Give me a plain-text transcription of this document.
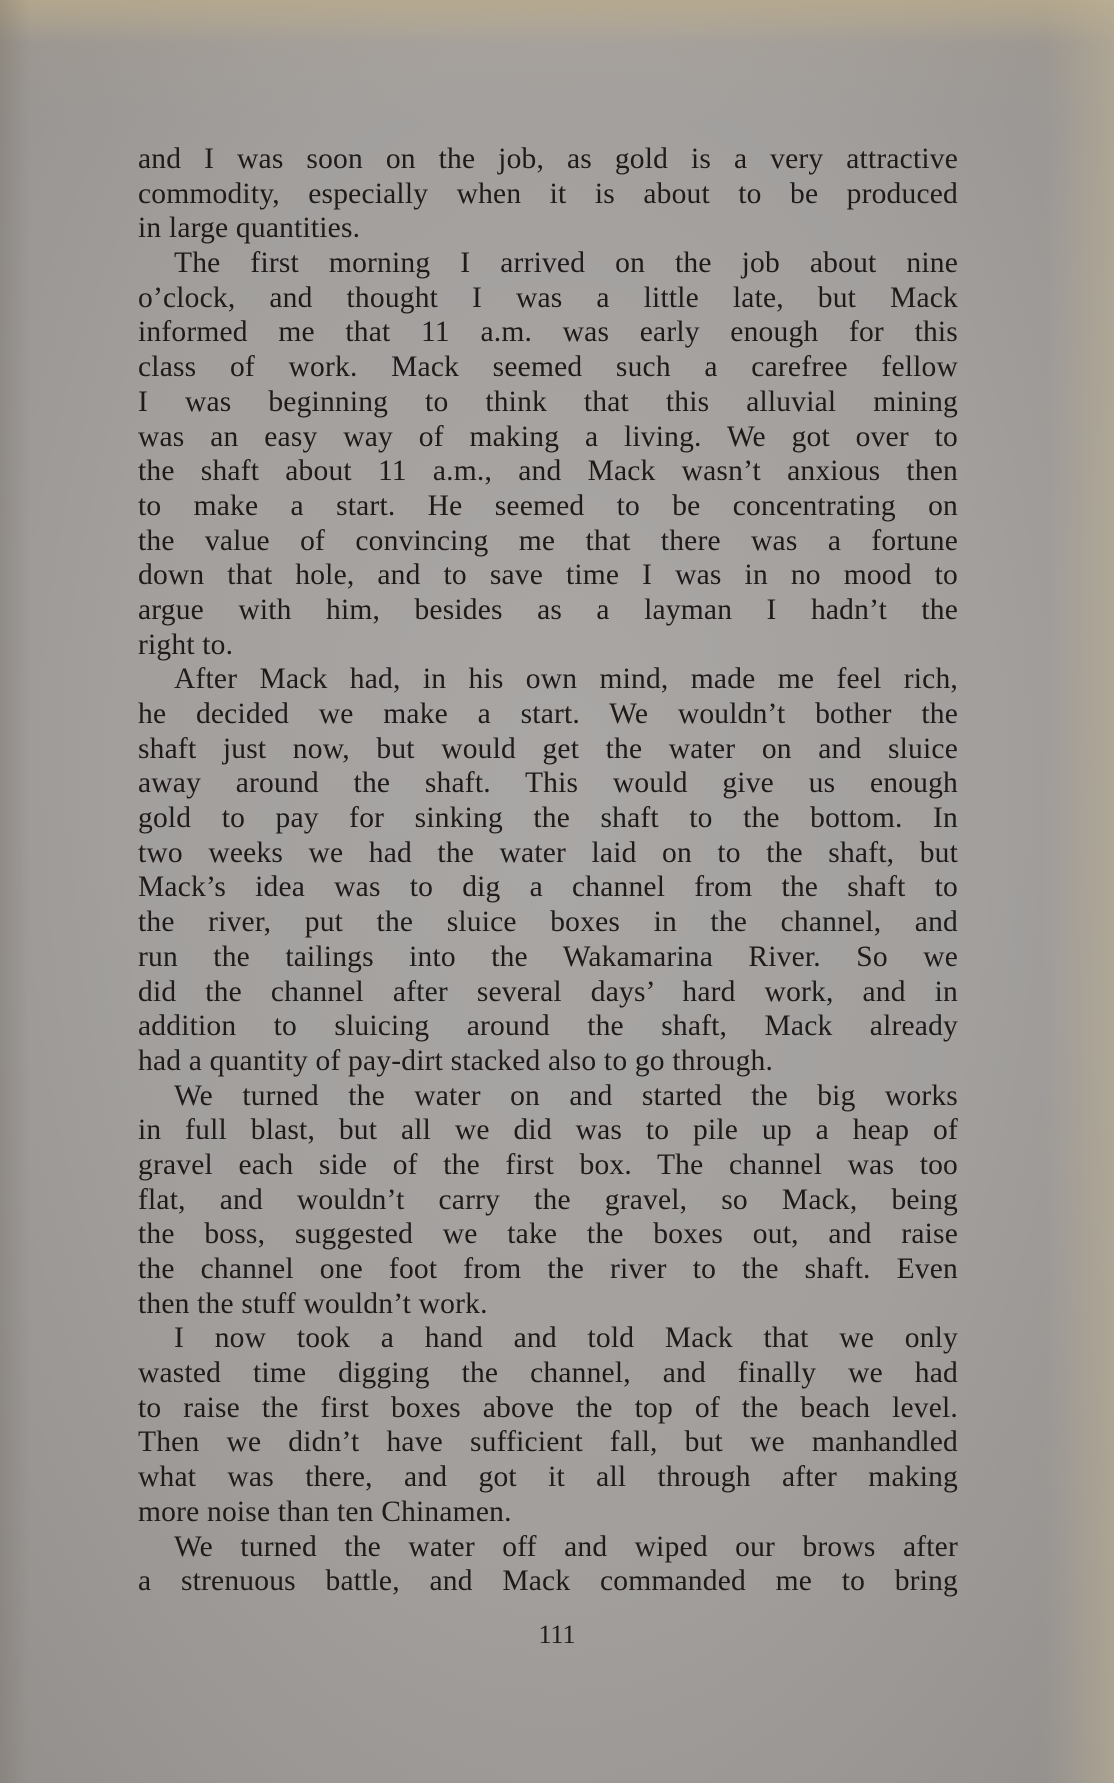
and I was soon on the job, as gold is a very attractive
commodity, especially when it is about to be produced
in large quantities.
The first morning I arrived on the job about nine
o’clock, and thought I was a little late, but Mack
informed me that 11 a.m. was early enough for this
class of work. Mack seemed such a carefree fellow
I was beginning to think that this alluvial mining
was an easy way of making a living. We got over to
the shaft about 11 a.m., and Mack wasn’t anxious then
to make a start. He seemed to be concentrating on
the value of convincing me that there was a fortune
down that hole, and to save time I was in no mood to
argue with him, besides as a layman I hadn’t the
right to.
After Mack had, in his own mind, made me feel rich,
he decided we make a start. We wouldn’t bother the
shaft just now, but would get the water on and sluice
away around the shaft. This would give us enough
gold to pay for sinking the shaft to the bottom. In
two weeks we had the water laid on to the shaft, but
Mack’s idea was to dig a channel from the shaft to
the river, put the sluice boxes in the channel, and
run the tailings into the Wakamarina River. So we
did the channel after several days’ hard work, and in
addition to sluicing around the shaft, Mack already
had a quantity of pay-dirt stacked also to go through.
We turned the water on and started the big works
in full blast, but all we did was to pile up a heap of
gravel each side of the first box. The channel was too
flat, and wouldn’t carry the gravel, so Mack, being
the boss, suggested we take the boxes out, and raise
the channel one foot from the river to the shaft. Even
then the stuff wouldn’t work.
I now took a hand and told Mack that we only
wasted time digging the channel, and finally we had
to raise the first boxes above the top of the beach level.
Then we didn’t have sufficient fall, but we manhandled
what was there, and got it all through after making
more noise than ten Chinamen.
We turned the water off and wiped our brows after
a strenuous battle, and Mack commanded me to bring
111
